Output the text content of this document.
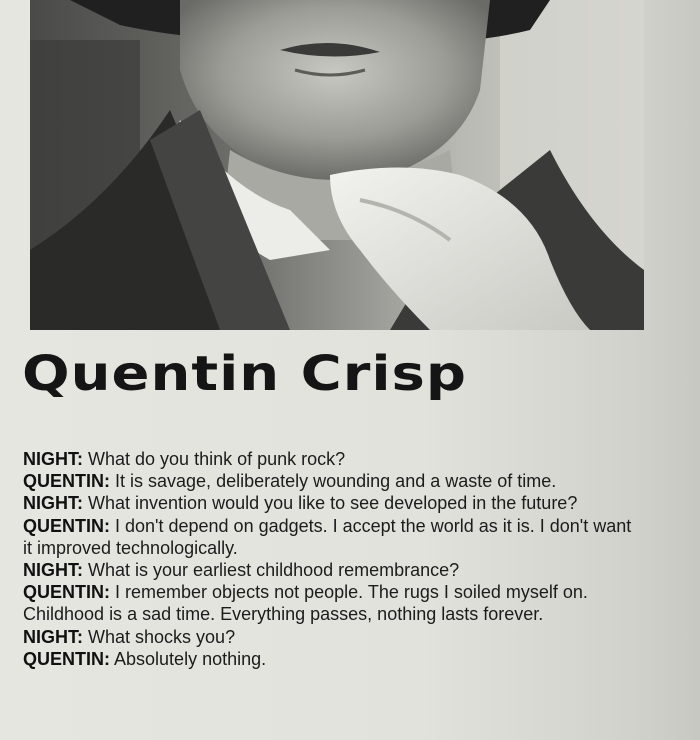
Quentin Crisp

NIGHT: What do you think of punk rock?

QUENTIN: It is savage, deliberately wounding and a waste of time.

NIGHT: What invention would you like to see developed in the future?

QUENTIN: I don't depend on gadgets. I accept the world as it is. I don't want it improved technologically.

NIGHT: What is your earliest childhood remembrance?

QUENTIN: I remember objects not people. The rugs I soiled myself on. Childhood is a sad time. Everything passes, nothing lasts forever.

NIGHT: What shocks you?

QUENTIN: Absolutely nothing.
